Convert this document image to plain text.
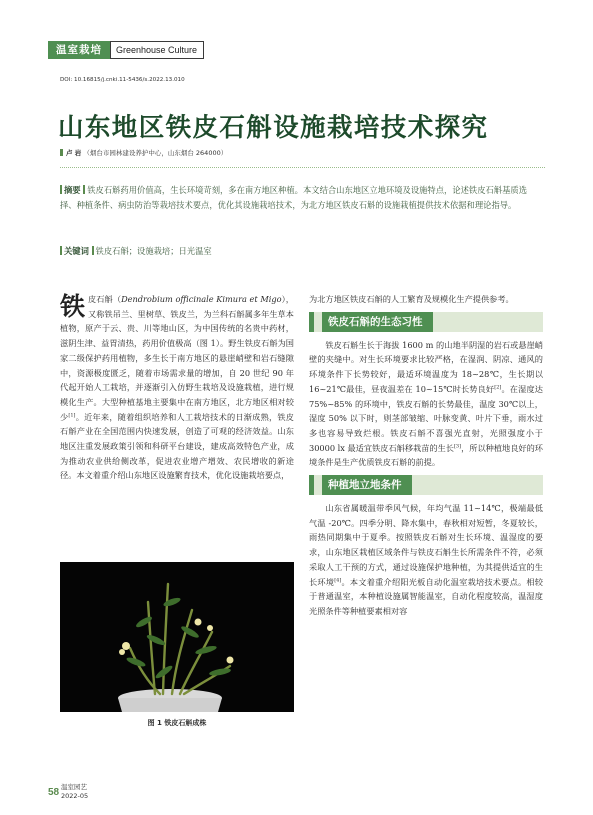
温室栽培	Greenhouse Culture
DOI: 10.16815/j.cnki.11-5436/s.2022.13.010
山东地区铁皮石斛设施栽培技术探究
卢 岩 （烟台市园林建设养护中心，山东烟台 264000）
摘要 铁皮石斛药用价值高，生长环境苛刻，多在南方地区种植。本文结合山东地区立地环境及设施特点，论述铁皮石斛基质选择、种植条件、病虫防治等栽培技术要点，优化其设施栽培技术，为北方地区铁皮石斛的设施栽植提供技术依据和理论指导。
关键词 铁皮石斛；设施栽培；日光温室

铁皮石斛（Dendrobium officinale Kimura et Migo），又称铁吊兰、里树草、铁皮兰，为兰科石斛属多年生草本植物，原产于云、贵、川等地山区，为中国传统的名贵中药材，滋阴生津、益胃清热，药用价值极高（图 1）。野生铁皮石斛为国家二级保护药用植物，多生长于南方地区的悬崖峭壁和岩石缝隙中，资源极度匮乏，随着市场需求量的增加，自 20 世纪 90 年代起开始人工栽培，并逐渐引入仿野生栽培及设施栽植，进行规模化生产。大型种植基地主要集中在南方地区，北方地区相对较少[1]。近年来，随着组织培养和人工栽培技术的日渐成熟，铁皮石斛产业在全国范围内快速发展，创造了可观的经济效益。山东地区注重发展政策引领和科研平台建设，建成高效特色产业，成为推动农业供给侧改革，促进农业增产增效、农民增收的新途径。本文着重介绍山东地区设施繁育技术，优化设施栽培要点，

图 1 铁皮石斛成株

为北方地区铁皮石斛的人工繁育及规模化生产提供参考。

铁皮石斛的生态习性

铁皮石斛生长于海拔 1600 m 的山地半阴湿的岩石或悬崖峭壁的夹缝中。对生长环境要求比较严格，在湿润、阴凉、通风的环境条件下长势较好，最适环境温度为 18~28℃，生长期以 16~21℃最佳，昼夜温差在 10~15℃时长势良好[2]。在湿度达 75%~85% 的环境中，铁皮石斛的长势最佳，温度 30℃以上，湿度 50% 以下时，则茎部皱缩、叶脉变黄、叶片下垂，雨水过多也容易导致烂根。铁皮石斛不喜强光直射，光照强度小于 30000 lx 最适宜铁皮石斛移栽苗的生长[3]，所以种植地良好的环境条件是生产优质铁皮石斛的前提。

种植地立地条件

山东省属暖温带季风气候，年均气温 11~14℃，极端最低气温 -20℃。四季分明、降水集中，春秋相对短暂，冬夏较长，雨热同期集中于夏季。按照铁皮石斛对生长环境、温湿度的要求，山东地区栽植区域条件与铁皮石斛生长所需条件不符，必须采取人工干预的方式，通过设施保护地种植，为其提供适宜的生长环境[4]。本文着重介绍阳光板自动化温室栽培技术要点。相较于普通温室，本种植设施属智能温室，自动化程度较高，温湿度光照条件等种植要素相对容

58 温室园艺
2022-05
